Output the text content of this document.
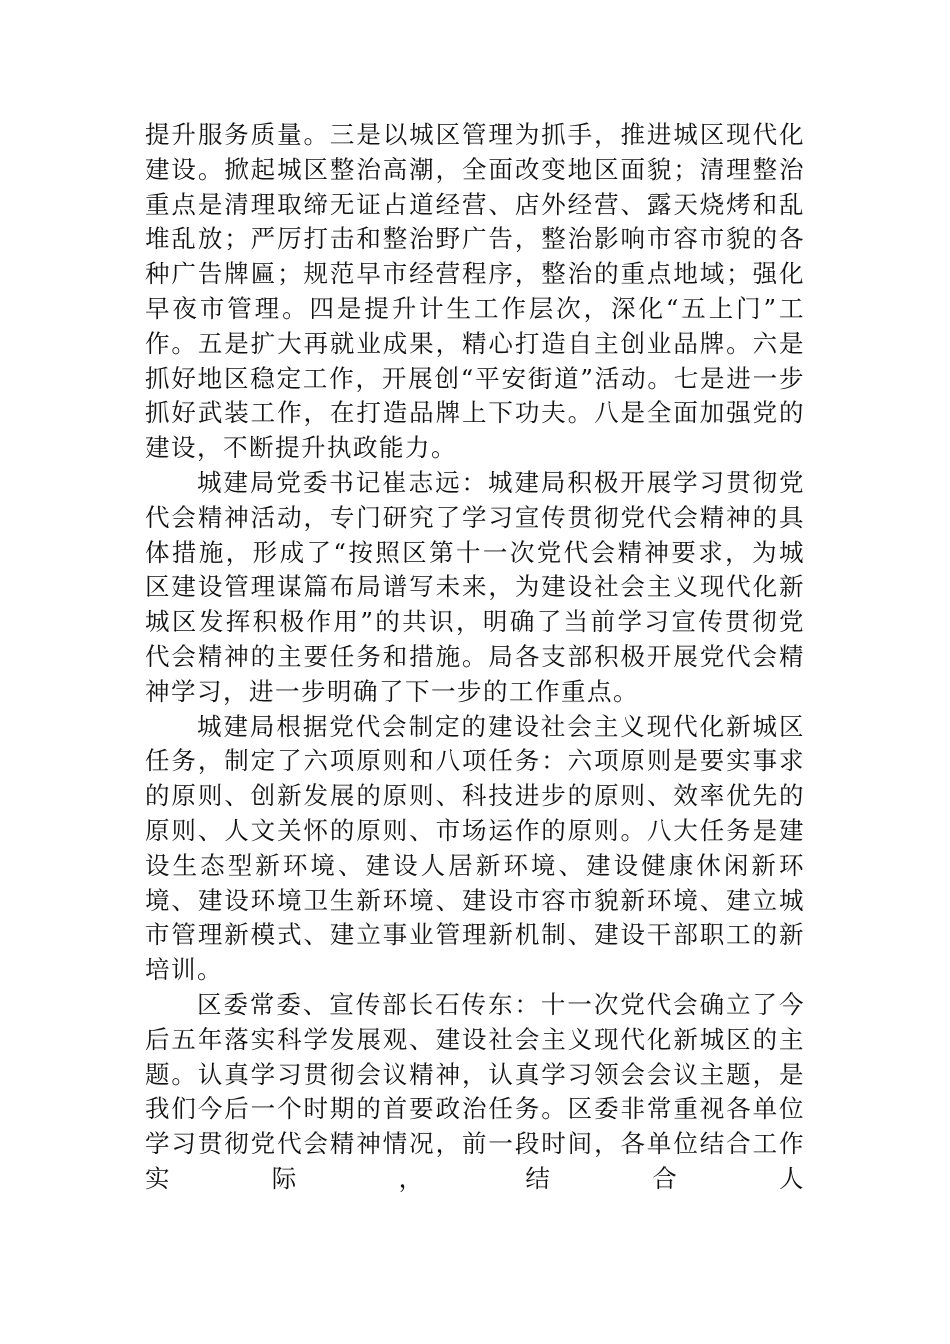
提升服务质量。三是以城区管理为抓手，推进城区现代化建设。掀起城区整治高潮，全面改变地区面貌；清理整治重点是清理取缔无证占道经营、店外经营、露天烧烤和乱堆乱放；严厉打击和整治野广告，整治影响市容市貌的各种广告牌匾；规范早市经营程序，整治的重点地域；强化早夜市管理。四是提升计生工作层次，深化“五上门”工作。五是扩大再就业成果，精心打造自主创业品牌。六是抓好地区稳定工作，开展创“平安街道”活动。七是进一步抓好武装工作，在打造品牌上下功夫。八是全面加强党的建设，不断提升执政能力。

城建局党委书记崔志远：城建局积极开展学习贯彻党代会精神活动，专门研究了学习宣传贯彻党代会精神的具体措施，形成了“按照区第十一次党代会精神要求，为城区建设管理谋篇布局谱写未来，为建设社会主义现代化新城区发挥积极作用”的共识，明确了当前学习宣传贯彻党代会精神的主要任务和措施。局各支部积极开展党代会精神学习，进一步明确了下一步的工作重点。

城建局根据党代会制定的建设社会主义现代化新城区任务，制定了六项原则和八项任务：六项原则是要实事求的原则、创新发展的原则、科技进步的原则、效率优先的原则、人文关怀的原则、市场运作的原则。八大任务是建设生态型新环境、建设人居新环境、建设健康休闲新环境、建设环境卫生新环境、建设市容市貌新环境、建立城市管理新模式、建立事业管理新机制、建设干部职工的新培训。

区委常委、宣传部长石传东：十一次党代会确立了今后五年落实科学发展观、建设社会主义现代化新城区的主题。认真学习贯彻会议精神，认真学习领会会议主题，是我们今后一个时期的首要政治任务。区委非常重视各单位学习贯彻党代会精神情况，前一段时间，各单位结合工作实际，结合人
